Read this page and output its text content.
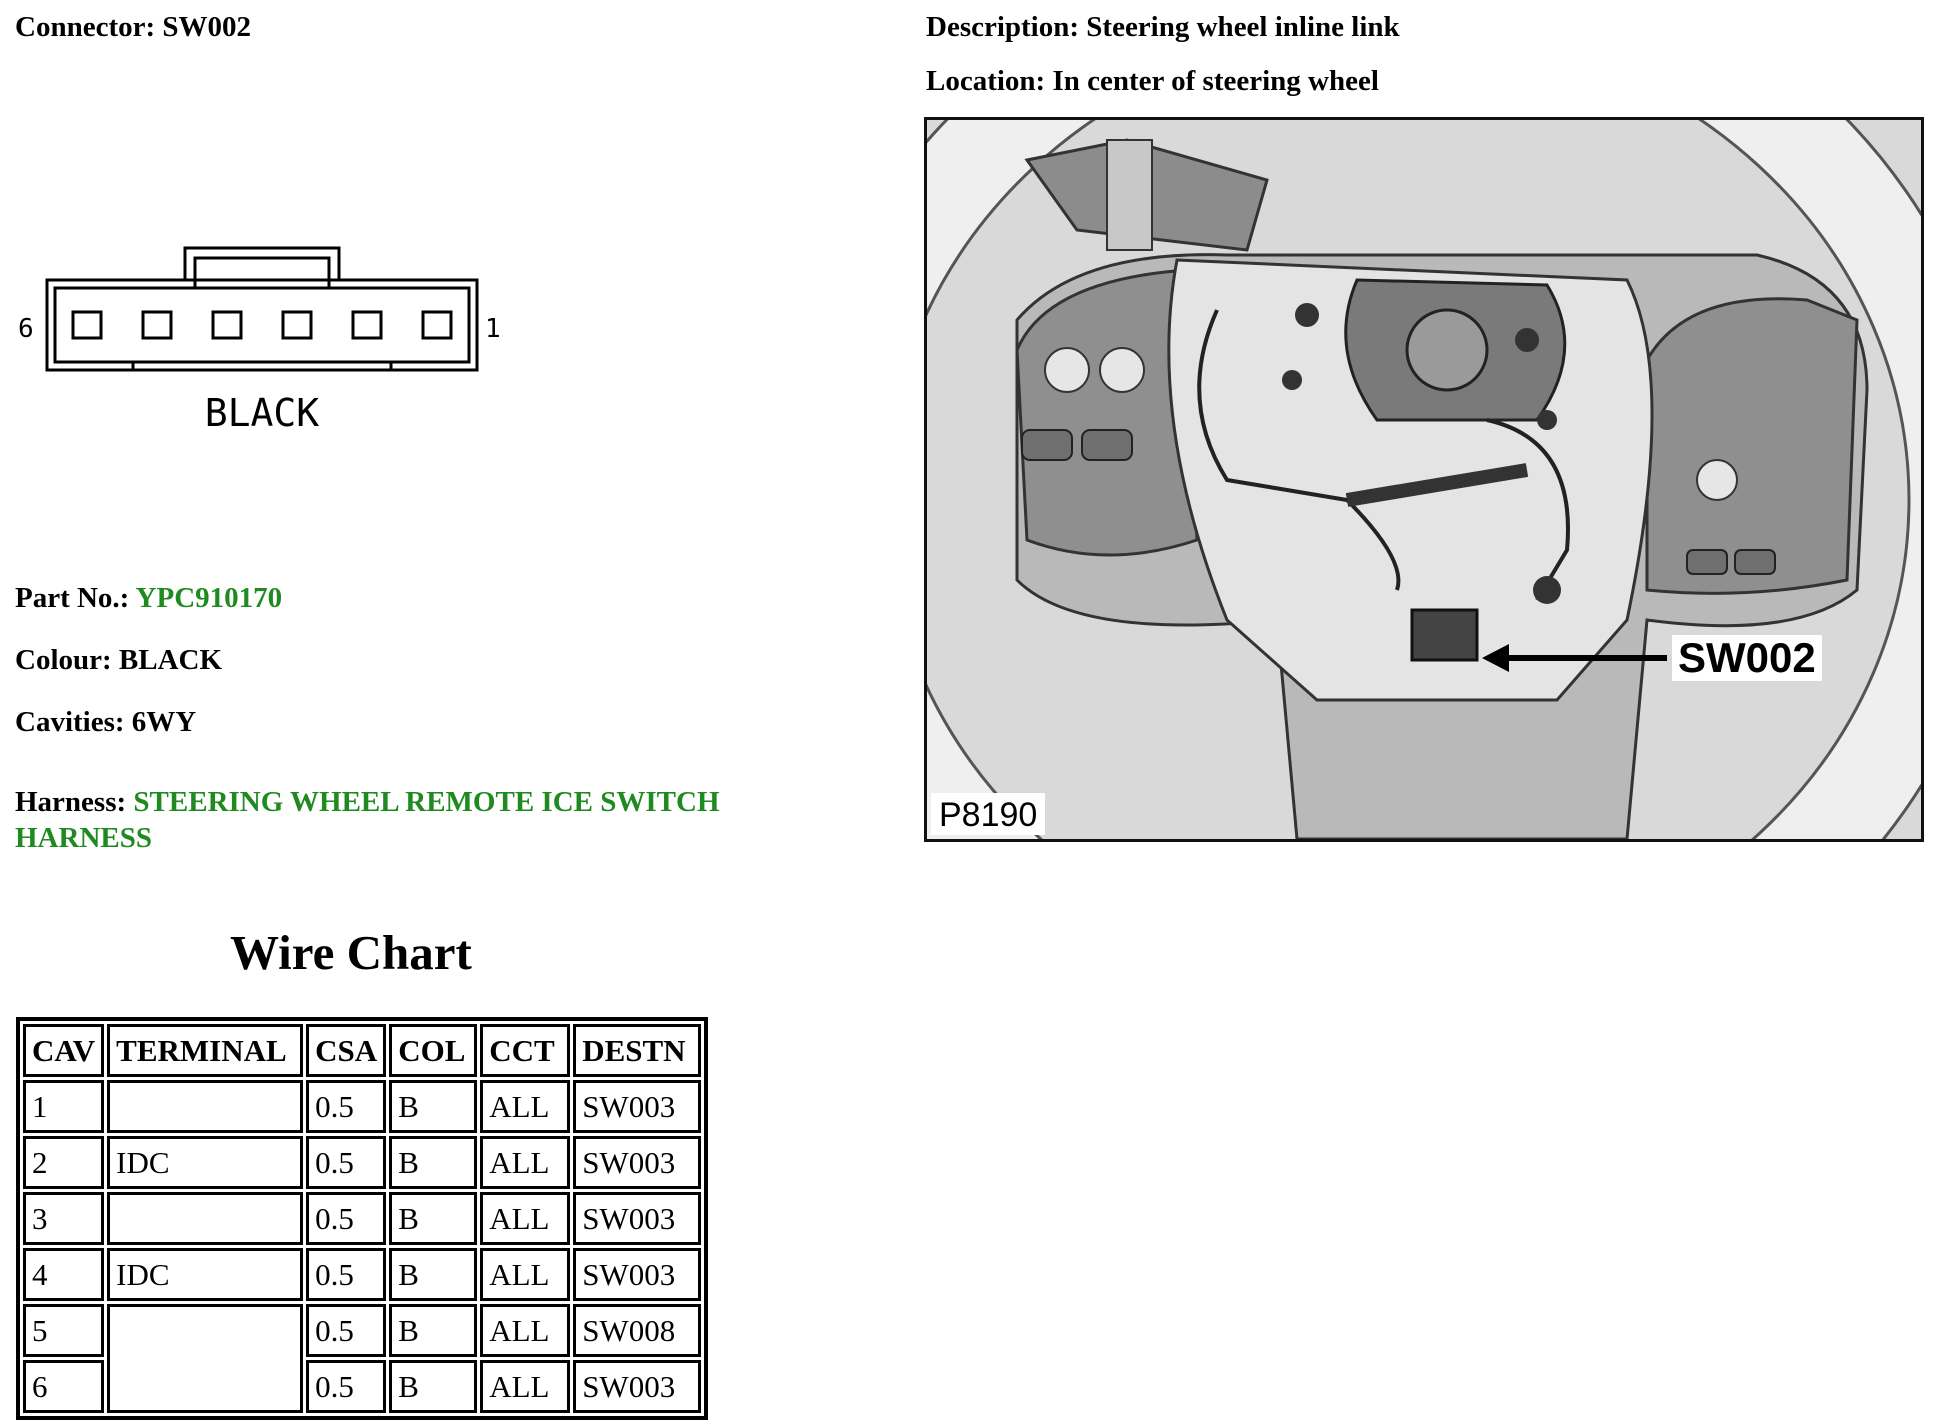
Connector: SW002	Description: Steering wheel inline link
Location: In center of steering wheel
6	1
BLACK
Part No.: YPC910170
Colour: BLACK
Cavities: 6WY
Harness: STEERING WHEEL REMOTE ICE SWITCH
HARNESS
Wire Chart
CAV	TERMINAL	CSA	COL	CCT	DESTN
1		0.5	B	ALL	SW003
2	IDC	0.5	B	ALL	SW003
3		0.5	B	ALL	SW003
4	IDC	0.5	B	ALL	SW003
5		0.5	B	ALL	SW008
6		0.5	B	ALL	SW003
SW002
P8190
